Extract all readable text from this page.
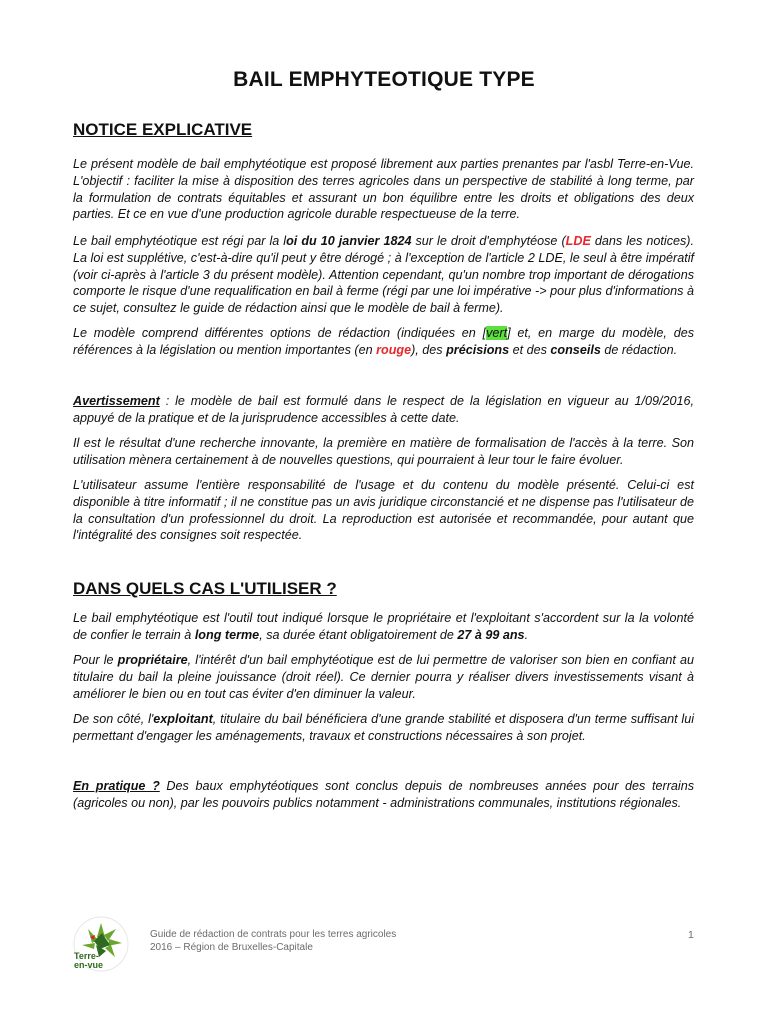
BAIL EMPHYTEOTIQUE TYPE
NOTICE EXPLICATIVE

Le présent modèle de bail emphytéotique est proposé librement aux parties prenantes par l'asbl Terre-en-Vue. L'objectif : faciliter la mise à disposition des terres agricoles dans un perspective de stabilité à long terme, par la formulation de contrats équitables et assurant un bon équilibre entre les droits et obligations des deux parties. Et ce en vue d'une production agricole durable respectueuse de la terre.

Le bail emphytéotique est régi par la loi du 10 janvier 1824 sur le droit d'emphytéose (LDE dans les notices). La loi est supplétive, c'est-à-dire qu'il peut y être dérogé ; à l'exception de l'article 2 LDE, le seul à être impératif (voir ci-après à l'article 3 du présent modèle). Attention cependant, qu'un nombre trop important de dérogations comporte le risque d'une requalification en bail à ferme (régi par une loi impérative -> pour plus d'informations à ce sujet, consultez le guide de rédaction ainsi que le modèle de bail à ferme).

Le modèle comprend différentes options de rédaction (indiquées en [vert] et, en marge du modèle, des références à la législation ou mention importantes (en rouge), des précisions et des conseils de rédaction.

Avertissement : le modèle de bail est formulé dans le respect de la législation en vigueur au 1/09/2016, appuyé de la pratique et de la jurisprudence accessibles à cette date.

Il est le résultat d'une recherche innovante, la première en matière de formalisation de l'accès à la terre. Son utilisation mènera certainement à de nouvelles questions, qui pourraient à leur tour le faire évoluer.

L'utilisateur assume l'entière responsabilité de l'usage et du contenu du modèle présenté. Celui-ci est disponible à titre informatif ; il ne constitue pas un avis juridique circonstancié et ne dispense pas l'utilisateur de la consultation d'un professionnel du droit. La reproduction est autorisée et recommandée, pour autant que l'intégralité des consignes soit respectée.

DANS QUELS CAS L'UTILISER ?

Le bail emphytéotique est l'outil tout indiqué lorsque le propriétaire et l'exploitant s'accordent sur la la volonté de confier le terrain à long terme, sa durée étant obligatoirement de 27 à 99 ans.

Pour le propriétaire, l'intérêt d'un bail emphytéotique est de lui permettre de valoriser son bien en confiant au titulaire du bail la pleine jouissance (droit réel). Ce dernier pourra y réaliser divers investissements visant à améliorer le bien ou en tout cas éviter d'en diminuer la valeur.

De son côté, l'exploitant, titulaire du bail bénéficiera d'une grande stabilité et disposera d'un terme suffisant lui permettant d'engager les aménagements, travaux et constructions nécessaires à son projet.

En pratique ? Des baux emphytéotiques sont conclus depuis de nombreuses années pour des terrains (agricoles ou non), par les pouvoirs publics notamment - administrations communales, institutions régionales.

Terre-
en-vue
Guide de rédaction de contrats pour les terres agricoles
2016 – Région de Bruxelles-Capitale
1
